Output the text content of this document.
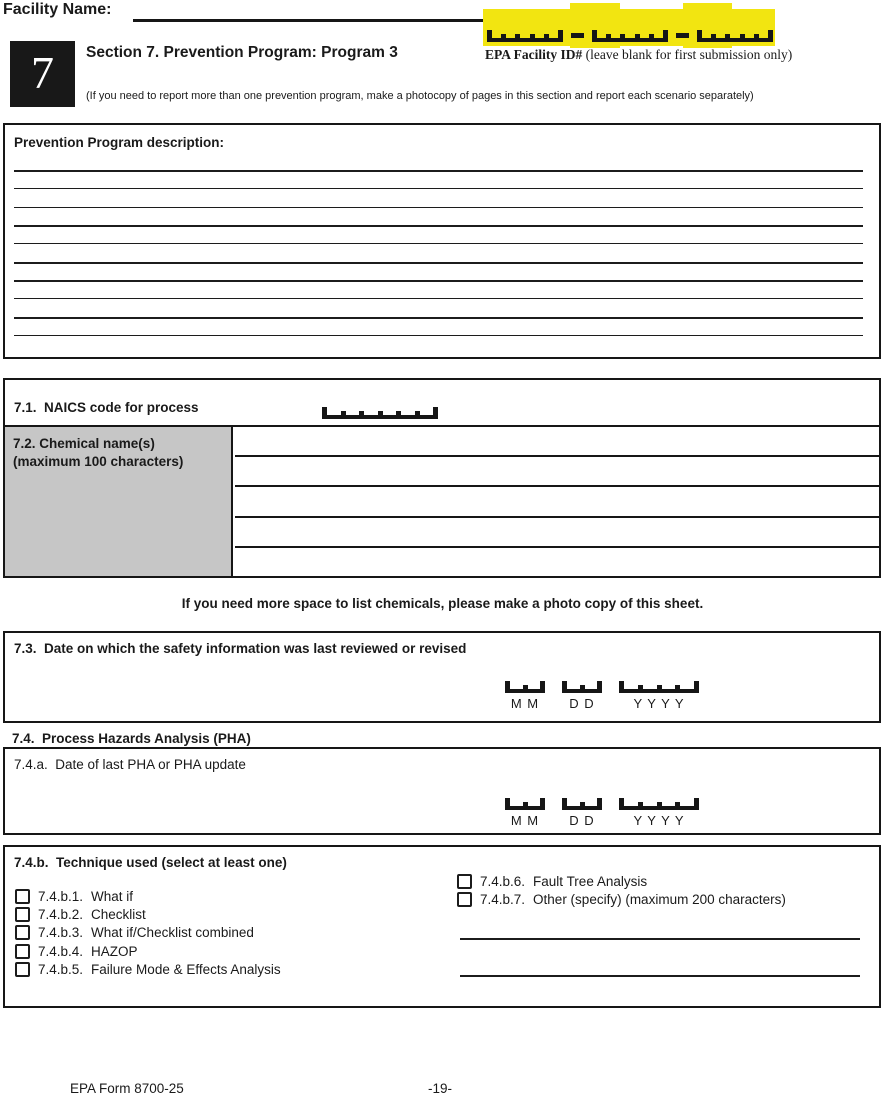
Facility Name:
EPA Facility ID# (leave blank for first submission only)
7	Section 7. Prevention Program: Program 3
(If you need to report more than one prevention program, make a photocopy of pages in this section and report each scenario separately)
Prevention Program description:
7.1.  NAICS code for process
7.2. Chemical name(s)
(maximum 100 characters)
If you need more space to list chemicals, please make a photo copy of this sheet.
7.3.  Date on which the safety information was last reviewed or revised
M M D D	Y Y Y Y
7.4.  Process Hazards Analysis (PHA)
7.4.a.  Date of last PHA or PHA update
M M D D	Y Y Y Y
7.4.b.  Technique used (select at least one)
7.4.b.1. What if
7.4.b.2. Checklist
7.4.b.3. What if/Checklist combined
7.4.b.4. HAZOP
7.4.b.5. Failure Mode & Effects Analysis
7.4.b.6. Fault Tree Analysis
7.4.b.7. Other (specify) (maximum 200 characters)
EPA Form 8700-25	-19-
